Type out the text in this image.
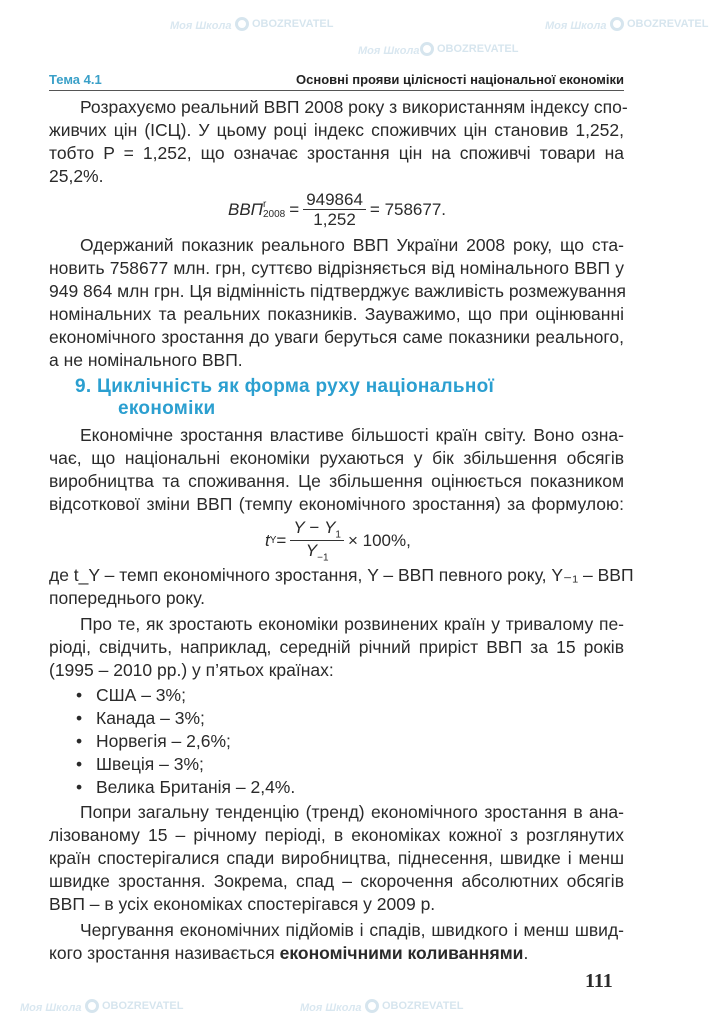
Тема 4.1	Основні прояви цілісності національної економіки
Розрахуємо реальний ВВП 2008 року з використанням індексу спо-
живчих цін (ІСЦ). У цьому році індекс споживчих цін становив 1,252,
тобто P = 1,252, що означає зростання цін на споживчі товари на
25,2%.
ВВП r
$2008 = \frac{949864}{1,252} = 758677$.
Одержаний показник реального ВВП України 2008 року, що ста-
новить 758677 млн. грн, суттєво відрізняється від номінального ВВП у
949 864 млн грн. Ця відмінність підтверджує важливість розмежування
номінальних та реальних показників. Зауважимо, що при оцінюванні
економічного зростання до уваги беруться саме показники реального,
а не номінального ВВП.
9. Циклічність як форма руху національної
економіки
Економічне зростання властиве більшості країн світу. Воно озна-
чає, що національні економіки рухаються у бік збільшення обсягів
виробництва та споживання. Це збільшення оцінюється показником
відсоткової зміни ВВП (темпу економічного зростання) за формулою:
t $Y = \frac{Y - Y_1}{Y_{-1}} \times 100\%$,
де t_Y – темп економічного зростання, Y – ВВП певного року, Y₋₁ – ВВП
попереднього року.
Про те, як зростають економіки розвинених країн у тривалому пе-
ріоді, свідчить, наприклад, середній річний приріст ВВП за 15 років
(1995 – 2010 рр.) у п’ятьох країнах:
• США – 3%;
• Канада – 3%;
• Норвегія – 2,6%;
• Швеція – 3%;
• Велика Британія – 2,4%.
Попри загальну тенденцію (тренд) економічного зростання в ана-
лізованому 15 – річному періоді, в економіках кожної з розглянутих
країн спостерігалися спади виробництва, піднесення, швидке і менш
швидке зростання. Зокрема, спад – скорочення абсолютних обсягів
ВВП – в усіх економіках спостерігався у 2009 р.
Чергування економічних підйомів і спадів, швидкого і менш швид-
кого зростання називається економічними коливаннями.
111
Моя Школа	OBOZREVATEL	Моя Школа	OBOZREVATEL
Моя Школа	OBOZREVATEL
Моя Школа	OBOZREVATEL	Моя Школа	OBOZREVATEL
